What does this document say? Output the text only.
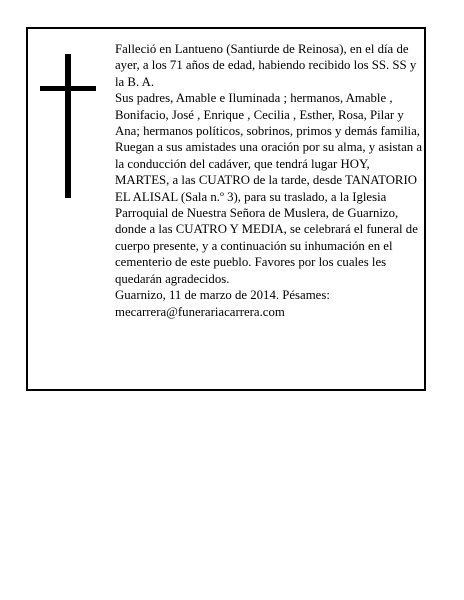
Falleció en Lantueno (Santiurde de Reinosa), en el día de ayer, a los 71 años de edad, habiendo recibido los SS. SS y la B. A.

Sus padres, Amable e Iluminada ; hermanos, Amable , Bonifacio, José , Enrique , Cecilia , Esther, Rosa, Pilar y Ana; hermanos políticos, sobrinos, primos y demás familia,

Ruegan a sus amistades una oración por su alma, y asistan a la conducción del cadáver, que tendrá lugar HOY, MARTES, a las CUATRO de la tarde, desde TANATORIO EL ALISAL (Sala n.º 3), para su traslado, a la Iglesia Parroquial de Nuestra Señora de Muslera, de Guarnizo, donde a las CUATRO Y MEDIA, se celebrará el funeral de cuerpo presente, y a continuación su inhumación en el cementerio de este pueblo. Favores por los cuales les quedarán agradecidos.

Guarnizo, 11 de marzo de 2014. Pésames: mecarrera@funerariacarrera.com
